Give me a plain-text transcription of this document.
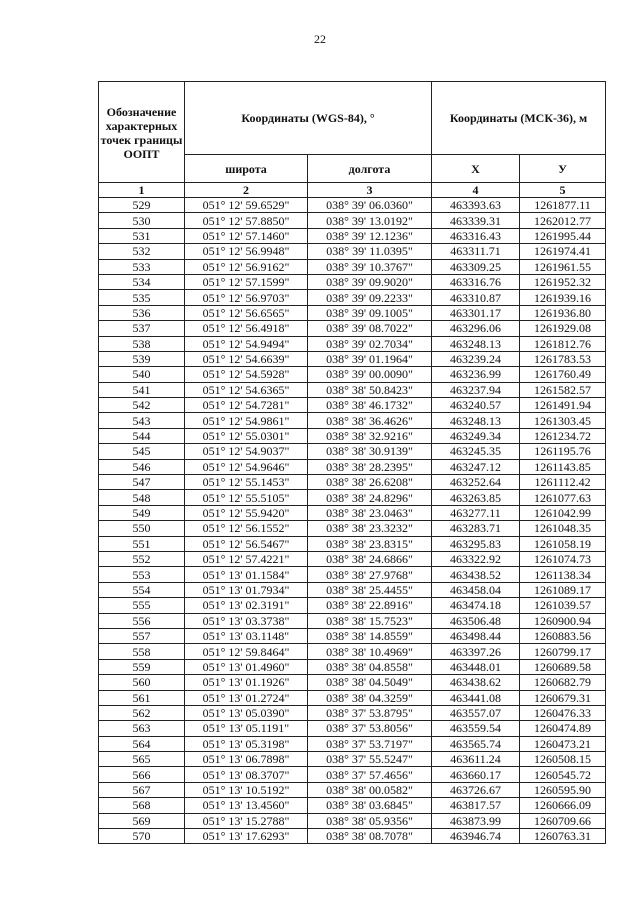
22
Обозначение характерных точек границы ООПТ	Координаты (WGS-84), °		Координаты (МСК-36), м	
	широта	долгота	X	У
1	2	3	4	5
529	051° 12' 59.6529"	038° 39' 06.0360"	463393.63	1261877.11
530	051° 12' 57.8850"	038° 39' 13.0192"	463339.31	1262012.77
531	051° 12' 57.1460"	038° 39' 12.1236"	463316.43	1261995.44
532	051° 12' 56.9948"	038° 39' 11.0395"	463311.71	1261974.41
533	051° 12' 56.9162"	038° 39' 10.3767"	463309.25	1261961.55
534	051° 12' 57.1599"	038° 39' 09.9020"	463316.76	1261952.32
535	051° 12' 56.9703"	038° 39' 09.2233"	463310.87	1261939.16
536	051° 12' 56.6565"	038° 39' 09.1005"	463301.17	1261936.80
537	051° 12' 56.4918"	038° 39' 08.7022"	463296.06	1261929.08
538	051° 12' 54.9494"	038° 39' 02.7034"	463248.13	1261812.76
539	051° 12' 54.6639"	038° 39' 01.1964"	463239.24	1261783.53
540	051° 12' 54.5928"	038° 39' 00.0090"	463236.99	1261760.49
541	051° 12' 54.6365"	038° 38' 50.8423"	463237.94	1261582.57
542	051° 12' 54.7281"	038° 38' 46.1732"	463240.57	1261491.94
543	051° 12' 54.9861"	038° 38' 36.4626"	463248.13	1261303.45
544	051° 12' 55.0301"	038° 38' 32.9216"	463249.34	1261234.72
545	051° 12' 54.9037"	038° 38' 30.9139"	463245.35	1261195.76
546	051° 12' 54.9646"	038° 38' 28.2395"	463247.12	1261143.85
547	051° 12' 55.1453"	038° 38' 26.6208"	463252.64	1261112.42
548	051° 12' 55.5105"	038° 38' 24.8296"	463263.85	1261077.63
549	051° 12' 55.9420"	038° 38' 23.0463"	463277.11	1261042.99
550	051° 12' 56.1552"	038° 38' 23.3232"	463283.71	1261048.35
551	051° 12' 56.5467"	038° 38' 23.8315"	463295.83	1261058.19
552	051° 12' 57.4221"	038° 38' 24.6866"	463322.92	1261074.73
553	051° 13' 01.1584"	038° 38' 27.9768"	463438.52	1261138.34
554	051° 13' 01.7934"	038° 38' 25.4455"	463458.04	1261089.17
555	051° 13' 02.3191"	038° 38' 22.8916"	463474.18	1261039.57
556	051° 13' 03.3738"	038° 38' 15.7523"	463506.48	1260900.94
557	051° 13' 03.1148"	038° 38' 14.8559"	463498.44	1260883.56
558	051° 12' 59.8464"	038° 38' 10.4969"	463397.26	1260799.17
559	051° 13' 01.4960"	038° 38' 04.8558"	463448.01	1260689.58
560	051° 13' 01.1926"	038° 38' 04.5049"	463438.62	1260682.79
561	051° 13' 01.2724"	038° 38' 04.3259"	463441.08	1260679.31
562	051° 13' 05.0390"	038° 37' 53.8795"	463557.07	1260476.33
563	051° 13' 05.1191"	038° 37' 53.8056"	463559.54	1260474.89
564	051° 13' 05.3198"	038° 37' 53.7197"	463565.74	1260473.21
565	051° 13' 06.7898"	038° 37' 55.5247"	463611.24	1260508.15
566	051° 13' 08.3707"	038° 37' 57.4656"	463660.17	1260545.72
567	051° 13' 10.5192"	038° 38' 00.0582"	463726.67	1260595.90
568	051° 13' 13.4560"	038° 38' 03.6845"	463817.57	1260666.09
569	051° 13' 15.2788"	038° 38' 05.9356"	463873.99	1260709.66
570	051° 13' 17.6293"	038° 38' 08.7078"	463946.74	1260763.31
